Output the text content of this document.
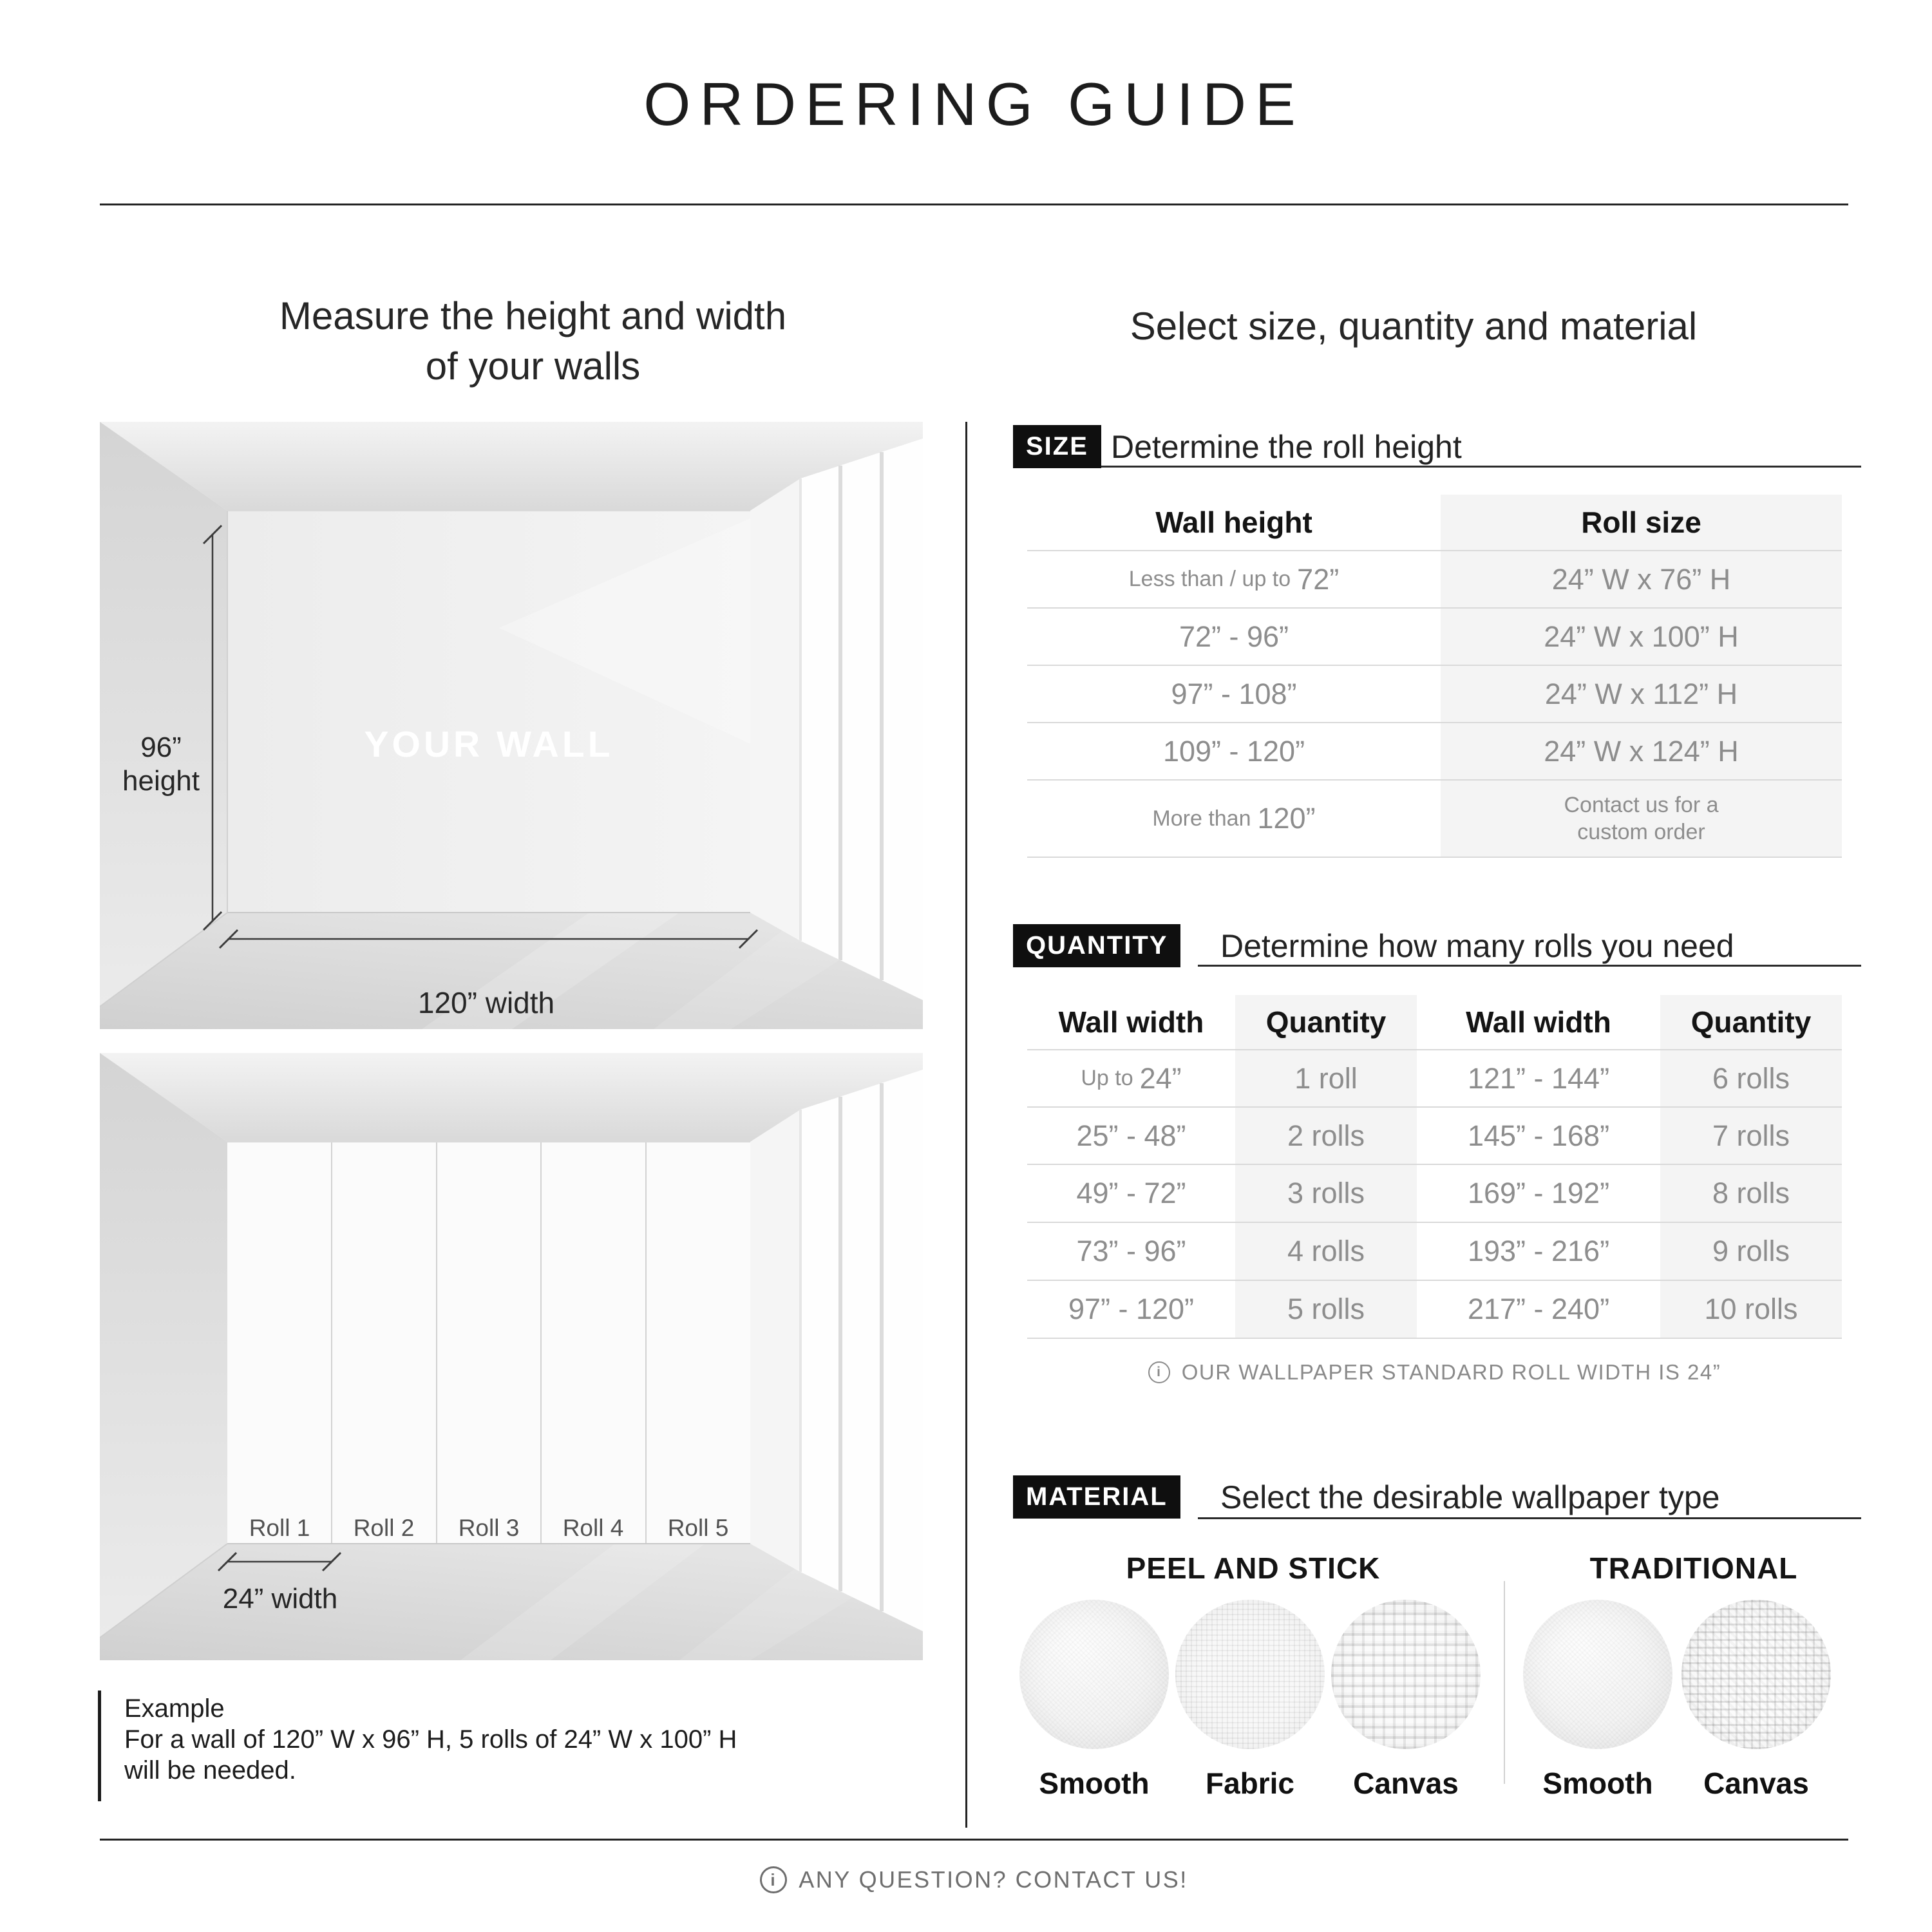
ORDERING GUIDE
Measure the height and width
of your walls
Select size, quantity and material
96”
height
YOUR WALL
120” width
Roll 1 Roll 2 Roll 3 Roll 4 Roll 5
24” width
Example
For a wall of 120” W x 96” H, 5 rolls of 24” W x 100” H
will be needed.
SIZE Determine the roll height
Wall height	Roll size
Less than / up to 72”	24” W x 76” H
72” - 96”	24” W x 100” H
97” - 108”	24” W x 112” H
109” - 120”	24” W x 124” H
More than 120”	Contact us for a custom order
QUANTITY	Determine how many rolls you need
Wall width	Quantity	Wall width	Quantity
Up to 24”	1 roll	121” - 144”	6 rolls
25” - 48”	2 rolls	145” - 168”	7 rolls
49” - 72”	3 rolls	169” - 192”	8 rolls
73” - 96”	4 rolls	193” - 216”	9 rolls
97” - 120”	5 rolls	217” - 240”	10 rolls
i OUR WALLPAPER STANDARD ROLL WIDTH IS 24”
MATERIAL	Select the desirable wallpaper type
PEEL AND STICK	TRADITIONAL
Smooth	Fabric	Canvas	Smooth	Canvas
i ANY QUESTION? CONTACT US!
